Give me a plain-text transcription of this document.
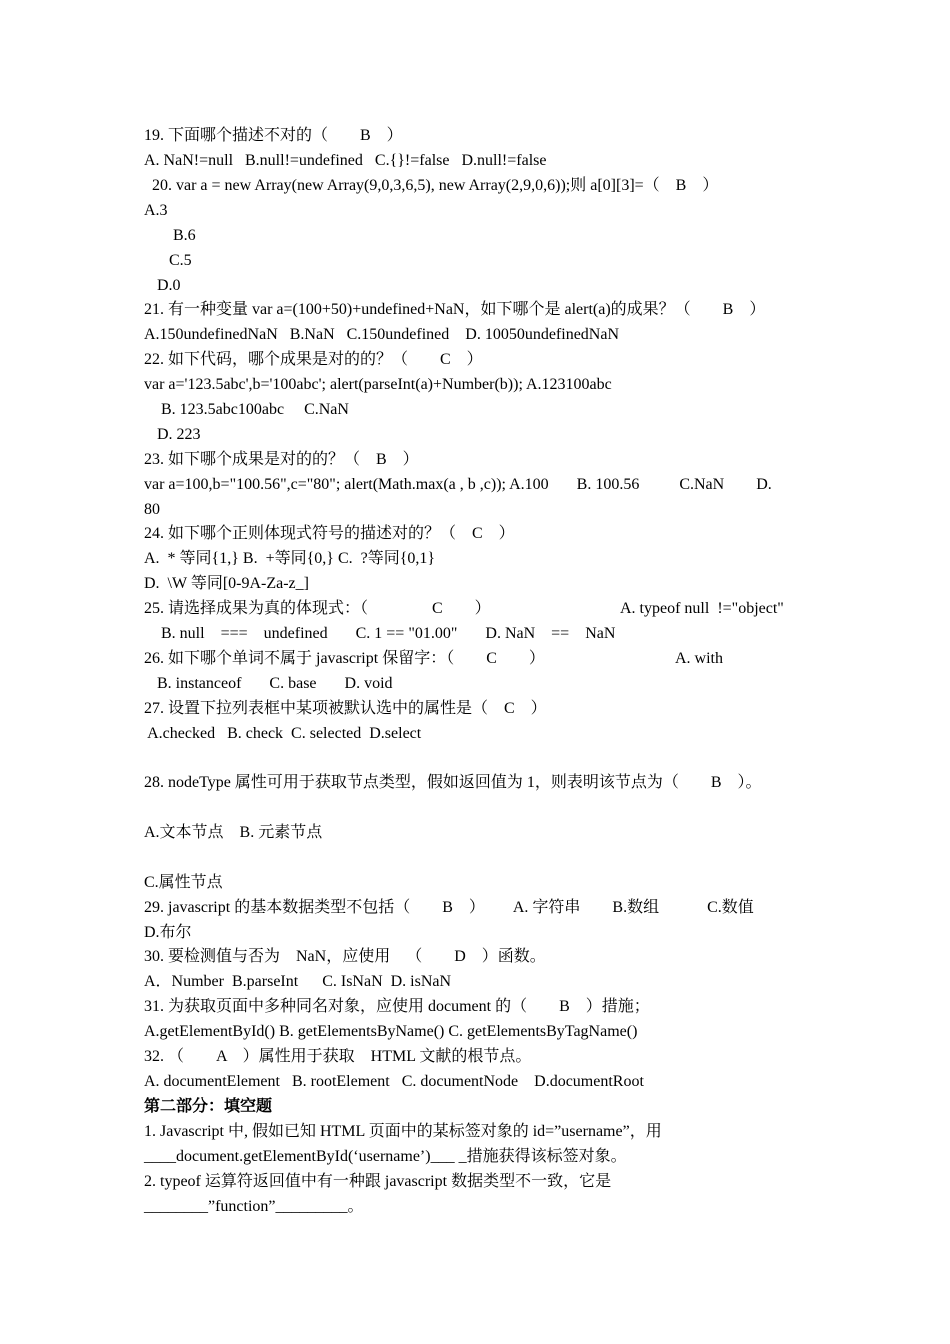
19. 下面哪个描述不对的（　　B　）
A. NaN!=null   B.null!=undefined   C.{}!=false   D.null!=false
20. var a = new Array(new Array(9,0,3,6,5), new Array(2,9,0,6));则 a[0][3]=（　B　）
A.3
B.6
C.5
D.0
21. 有一种变量 var a=(100+50)+undefined+NaN，如下哪个是 alert(a)的成果？（　　B　）
A.150undefinedNaN   B.NaN   C.150undefined    D. 10050undefinedNaN
22. 如下代码，哪个成果是对的的？（　　C　）
var a='123.5abc',b='100abc'; alert(parseInt(a)+Number(b)); A.123100abc
B. 123.5abc100abc     C.NaN
D. 223
23. 如下哪个成果是对的的？（　B　）
var a=100,b="100.56",c="80"; alert(Math.max(a , b ,c)); A.100       B. 100.56          C.NaN        D.
80
24. 如下哪个正则体现式符号的描述对的？（　C　）
A.  * 等同{1,} B.  +等同{0,} C.  ?等同{0,1}
D.  \W 等同[0-9A-Za-z_]
25. 请选择成果为真的体现式：（　　　　C　　）	A. typeof null  !="object"
B. null    ===    undefined       C. 1 == "01.00"       D. NaN    ==    NaN
26. 如下哪个单词不属于 javascript 保留字：（　　C　　）	A. with
B. instanceof       C. base       D. void
27. 设置下拉列表框中某项被默认选中的属性是（　C　）
A.checked   B. check  C. selected  D.select
28. nodeType 属性可用于获取节点类型，假如返回值为 1，则表明该节点为（　　B　）。
A.文本节点    B. 元素节点
C.属性节点
29. javascript 的基本数据类型不包括（　　B　）       A. 字符串        B.数组            C.数值
D.布尔
30. 要检测值与否为    NaN，应使用    （　　D　）函数。
A．Number  B.parseInt      C. IsNaN  D. isNaN
31. 为获取页面中多种同名对象，应使用 document 的（　　B　）措施；
A.getElementById() B. getElementsByName() C. getElementsByTagName()
32. （　　A　）属性用于获取    HTML 文献的根节点。
A. documentElement   B. rootElement   C. documentNode    D.documentRoot
第二部分：填空题
1. Javascript 中, 假如已知 HTML 页面中的某标签对象的 id=”username”，用
____document.getElementById(‘username’)___ _措施获得该标签对象。
2. typeof 运算符返回值中有一种跟 javascript 数据类型不一致，它是
________”function”_________。
